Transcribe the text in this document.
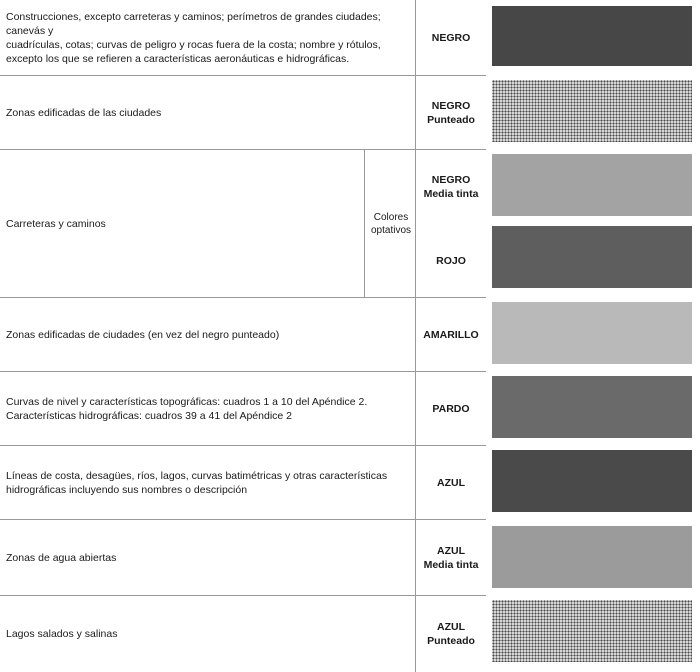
Construcciones, excepto carreteras y caminos; perímetros de grandes ciudades; canevás y
cuadrículas, cotas; curvas de peligro y rocas fuera de la costa; nombre y rótulos,
excepto los que se refieren a características aeronáuticas e hidrográficas.
NEGRO
Zonas edificadas de las ciudades
NEGRO
Punteado
Carreteras y caminos
Colores
optativos
NEGRO
Media tinta
ROJO
Zonas edificadas de ciudades (en vez del negro punteado)	AMARILLO
Curvas de nivel y características topográficas: cuadros 1 a 10 del Apéndice 2.
Características hidrográficas: cuadros 39 a 41 del Apéndice 2
PARDO
Líneas de costa, desagües, ríos, lagos, curvas batimétricas y otras características
hidrográficas incluyendo sus nombres o descripción
AZUL
Zonas de agua abiertas
AZUL
Media tinta
Lagos salados y salinas
AZUL
Punteado
